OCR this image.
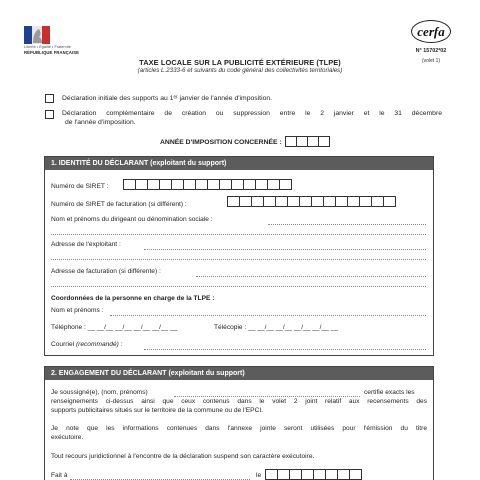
Liberté • Égalité • Fraternité
RÉPUBLIQUE FRANÇAISE
cerfa
N° 15702*02
(volet 1)
TAXE LOCALE SUR LA PUBLICITÉ EXTÉRIEURE (TLPE)
(articles L.2333-6 et suivants du code général des collectivités territoriales)
Déclaration initiale des supports au 1ᵉʳ janvier de l'année d'imposition.
Déclaration complémentaire de création ou suppression entre le 2 janvier et le 31 décembre
de l'année d'imposition.
ANNÉE D'IMPOSITION CONCERNÉE :
1. IDENTITÉ DU DÉCLARANT (exploitant du support)
Numéro de SIRET :
Numéro de SIRET de facturation (si différent) :
Nom et prénoms du dirigeant ou dénomination sociale :
Adresse de l'exploitant :
Adresse de facturation (si différente) :
Coordonnées de la personne en charge de la TLPE :
Nom et prénoms :
Téléphone : __ __/__ __/__ __/__ __/__ __	Télécopie : __ __/__ __/__ __/__ __/__ __
Courriel (recommandé) :
2. ENGAGEMENT DU DÉCLARANT (exploitant du support)
Je soussigné(e), (nom, prénoms)	certifie exacts les
renseignements ci-dessus ainsi que ceux contenus dans le volet 2 joint relatif aux recensements des
supports publicitaires situés sur le territoire de la commune ou de l'EPCI.
Je note que les informations contenues dans l'annexe jointe seront utilisées pour l'émission du titre
exécutoire.
Tout recours juridictionnel à l'encontre de la déclaration suspend son caractère exécutoire.
Fait à	le
